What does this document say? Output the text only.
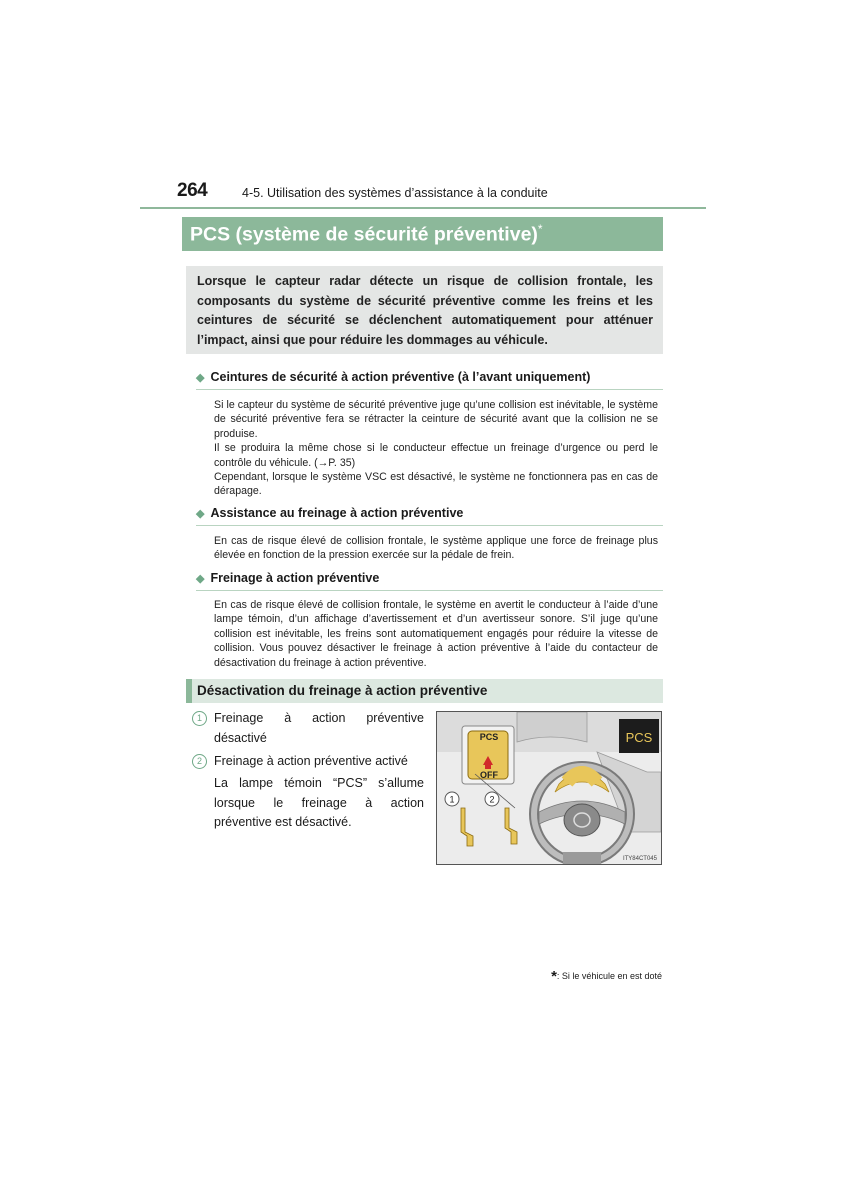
264	4-5. Utilisation des systèmes d’assistance à la conduite
PCS (système de sécurité préventive)*
Lorsque le capteur radar détecte un risque de collision frontale, les composants du système de sécurité préventive comme les freins et les ceintures de sécurité se déclenchent automatiquement pour atténuer l’impact, ainsi que pour réduire les dommages au véhicule.
◆ Ceintures de sécurité à action préventive (à l’avant uniquement)

Si le capteur du système de sécurité préventive juge qu’une collision est inévitable, le système de sécurité préventive fera se rétracter la ceinture de sécurité avant que la collision ne se produise.

Il se produira la même chose si le conducteur effectue un freinage d’urgence ou perd le contrôle du véhicule. (→P. 35)

Cependant, lorsque le système VSC est désactivé, le système ne fonctionnera pas en cas de dérapage.

◆ Assistance au freinage à action préventive

En cas de risque élevé de collision frontale, le système applique une force de freinage plus élevée en fonction de la pression exercée sur la pédale de frein.

◆ Freinage à action préventive

En cas de risque élevé de collision frontale, le système en avertit le conducteur à l’aide d’une lampe témoin, d’un affichage d’avertissement et d’un avertisseur sonore. S’il juge qu’une collision est inévitable, les freins sont automatiquement engagés pour réduire la vitesse de collision. Vous pouvez désactiver le freinage à action préventive à l’aide du contacteur de désactivation du freinage à action préventive.

Désactivation du freinage à action préventive
1 Freinage à action préventive désactivé
2 Freinage à action préventive activé
La lampe témoin “PCS” s’allume lorsque le freinage à action préventive est désactivé.
PCS
OFF
PCS
1	2
ITY84CT045
*: Si le véhicule en est doté
